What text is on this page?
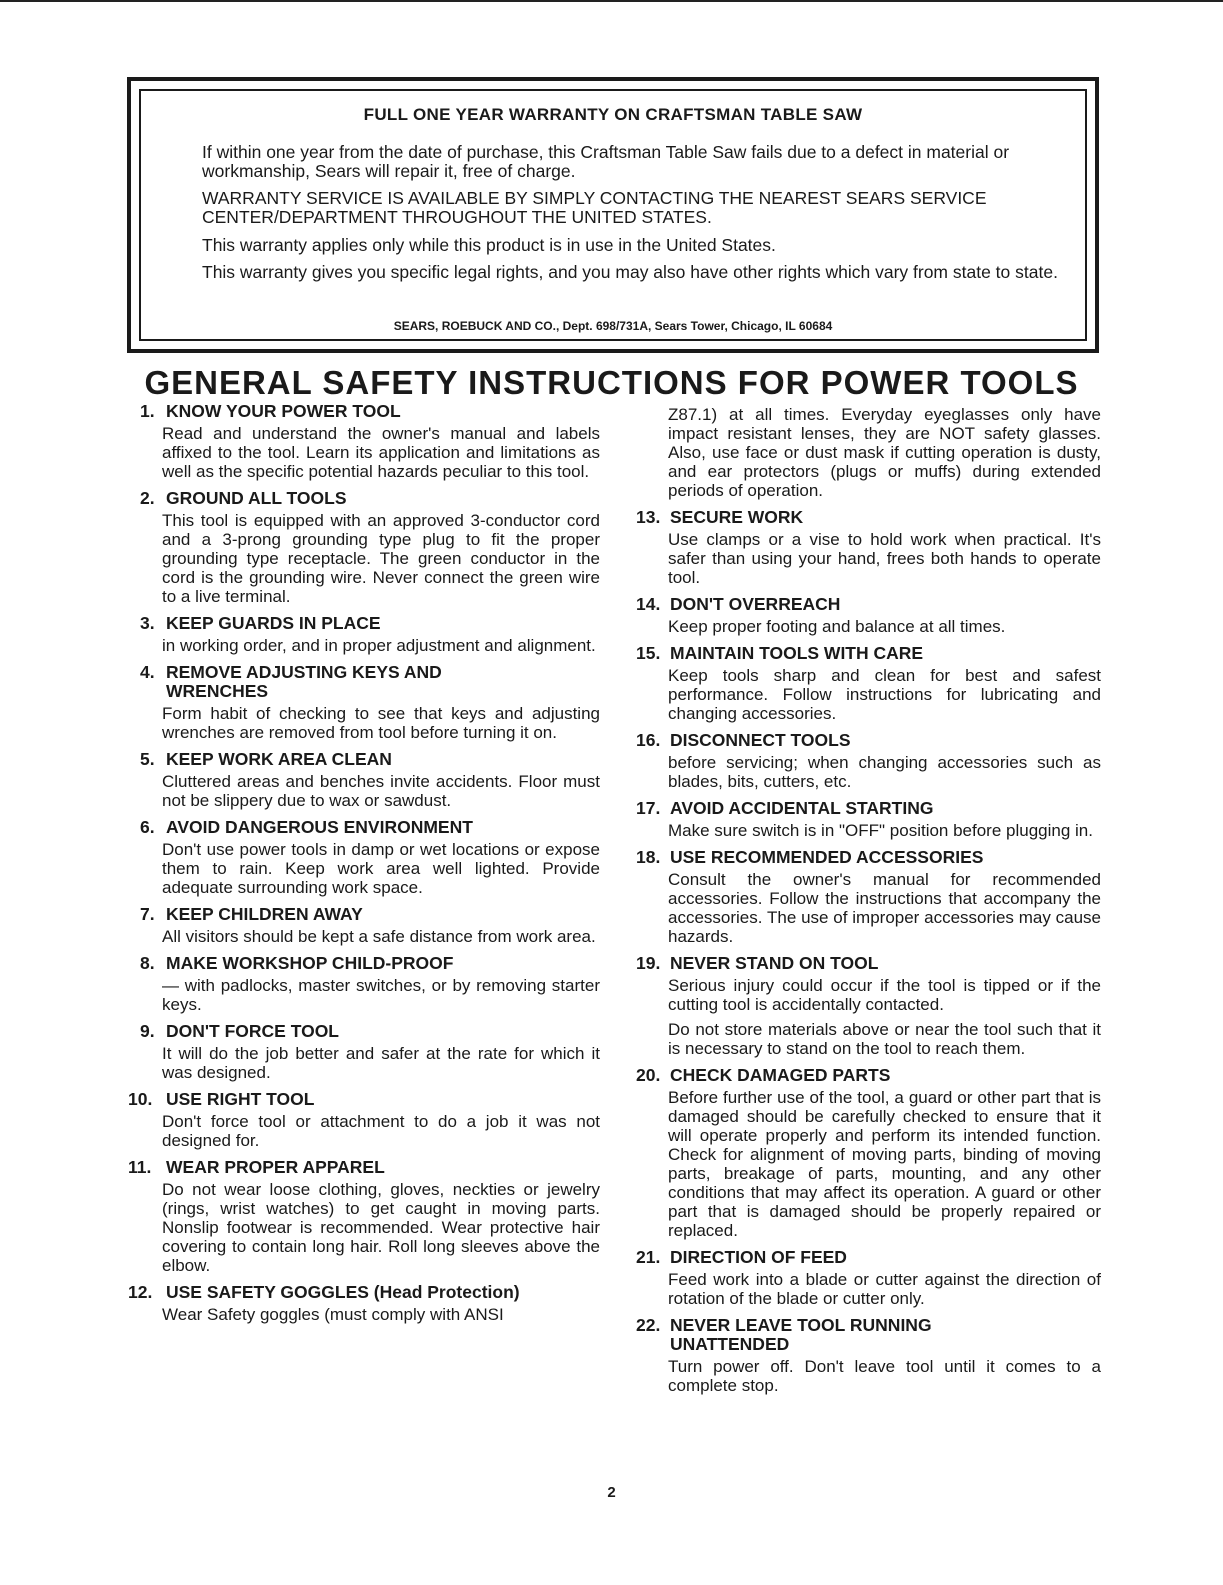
FULL ONE YEAR WARRANTY ON CRAFTSMAN TABLE SAW
If within one year from the date of purchase, this Craftsman Table Saw fails due to a defect in material or workmanship, Sears will repair it, free of charge.
WARRANTY SERVICE IS AVAILABLE BY SIMPLY CONTACTING THE NEAREST SEARS SERVICE CENTER/DEPARTMENT THROUGHOUT THE UNITED STATES.
This warranty applies only while this product is in use in the United States.
This warranty gives you specific legal rights, and you may also have other rights which vary from state to state.
SEARS, ROEBUCK AND CO., Dept. 698/731A, Sears Tower, Chicago, IL 60684
GENERAL SAFETY INSTRUCTIONS FOR POWER TOOLS
1. KNOW YOUR POWER TOOL
Read and understand the owner's manual and labels affixed to the tool. Learn its application and limitations as well as the specific potential hazards peculiar to this tool.
2. GROUND ALL TOOLS
This tool is equipped with an approved 3-conductor cord and a 3-prong grounding type plug to fit the proper grounding type receptacle. The green conductor in the cord is the grounding wire. Never connect the green wire to a live terminal.
3. KEEP GUARDS IN PLACE
in working order, and in proper adjustment and alignment.
4. REMOVE ADJUSTING KEYS AND WRENCHES
Form habit of checking to see that keys and adjusting wrenches are removed from tool before turning it on.
5. KEEP WORK AREA CLEAN
Cluttered areas and benches invite accidents. Floor must not be slippery due to wax or sawdust.
6. AVOID DANGEROUS ENVIRONMENT
Don't use power tools in damp or wet locations or expose them to rain. Keep work area well lighted. Provide adequate surrounding work space.
7. KEEP CHILDREN AWAY
All visitors should be kept a safe distance from work area.
8. MAKE WORKSHOP CHILD-PROOF
— with padlocks, master switches, or by removing starter keys.
9. DON'T FORCE TOOL
It will do the job better and safer at the rate for which it was designed.
10. USE RIGHT TOOL
Don't force tool or attachment to do a job it was not designed for.
11. WEAR PROPER APPAREL
Do not wear loose clothing, gloves, neckties or jewelry (rings, wrist watches) to get caught in moving parts. Nonslip footwear is recommended. Wear protective hair covering to contain long hair. Roll long sleeves above the elbow.
12. USE SAFETY GOGGLES (Head Protection)
Wear Safety goggles (must comply with ANSI
Z87.1) at all times. Everyday eyeglasses only have impact resistant lenses, they are NOT safety glasses. Also, use face or dust mask if cutting operation is dusty, and ear protectors (plugs or muffs) during extended periods of operation.
13. SECURE WORK
Use clamps or a vise to hold work when practical. It's safer than using your hand, frees both hands to operate tool.
14. DON'T OVERREACH
Keep proper footing and balance at all times.
15. MAINTAIN TOOLS WITH CARE
Keep tools sharp and clean for best and safest performance. Follow instructions for lubricating and changing accessories.
16. DISCONNECT TOOLS
before servicing; when changing accessories such as blades, bits, cutters, etc.
17. AVOID ACCIDENTAL STARTING
Make sure switch is in "OFF" position before plugging in.
18. USE RECOMMENDED ACCESSORIES
Consult the owner's manual for recommended accessories. Follow the instructions that accompany the accessories. The use of improper accessories may cause hazards.
19. NEVER STAND ON TOOL
Serious injury could occur if the tool is tipped or if the cutting tool is accidentally contacted.
Do not store materials above or near the tool such that it is necessary to stand on the tool to reach them.
20. CHECK DAMAGED PARTS
Before further use of the tool, a guard or other part that is damaged should be carefully checked to ensure that it will operate properly and perform its intended function. Check for alignment of moving parts, binding of moving parts, breakage of parts, mounting, and any other conditions that may affect its operation. A guard or other part that is damaged should be properly repaired or replaced.
21. DIRECTION OF FEED
Feed work into a blade or cutter against the direction of rotation of the blade or cutter only.
22. NEVER LEAVE TOOL RUNNING UNATTENDED
Turn power off. Don't leave tool until it comes to a complete stop.
2
